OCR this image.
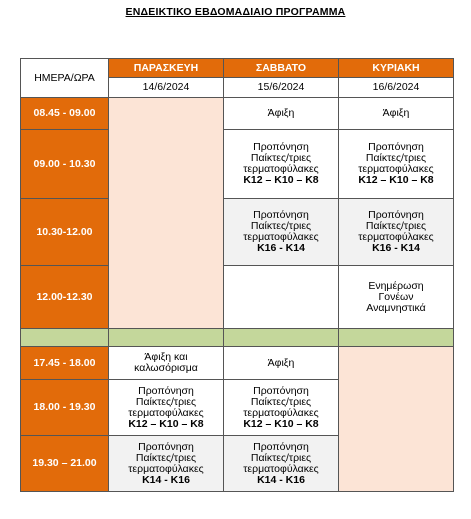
ΕΝΔΕΙΚΤΙΚΟ ΕΒΔΟΜΑΔΙΑΙΟ ΠΡΟΓΡΑΜΜΑ
ΗΜΕΡΑ/ΩΡΑ	ΠΑΡΑΣΚΕΥΗ	ΣΑΒΒΑΤΟ	ΚΥΡΙΑΚΗ
	14/6/2024	15/6/2024	16/6/2024
08.45 - 09.00		Άφιξη	Άφιξη
09.00 - 10.30		Προπόνηση
Παίκτες/τριες
τερματοφύλακες
Κ12 – Κ10 – Κ8	Προπόνηση
Παίκτες/τριες
τερματοφύλακες
Κ12 – Κ10 – Κ8

10.30-12.00		Προπόνηση
Παίκτες/τριες
τερματοφύλακες
Κ16 - Κ14	Προπόνηση
Παίκτες/τριες
τερματοφύλακες
Κ16 - Κ14

12.00-12.30			Ενημέρωση
Γονέων
Αναμνηστικά

17.45 - 18.00	Άφιξη και
καλωσόρισμα	Άφιξη	
18.00 - 19.30	Προπόνηση
Παίκτες/τριες
τερματοφύλακες
Κ12 – Κ10 – Κ8	Προπόνηση
Παίκτες/τριες
τερματοφύλακες
Κ12 – Κ10 – Κ8	

19.30 – 21.00	Προπόνηση
Παίκτες/τριες
τερματοφύλακες
Κ14 - Κ16	Προπόνηση
Παίκτες/τριες
τερματοφύλακες
Κ14 - Κ16	
